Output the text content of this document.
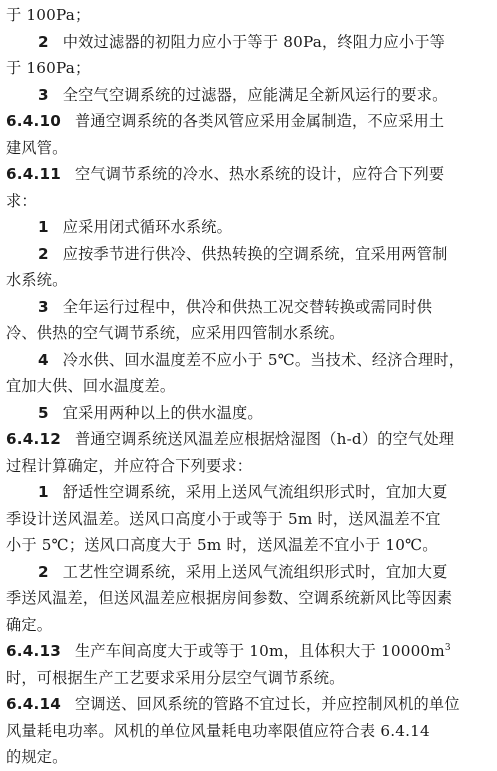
于 100Pa；
2 中效过滤器的初阻力应小于等于 80Pa，终阻力应小于等
于 160Pa；
3 全空气空调系统的过滤器，应能满足全新风运行的要求。
6.4.10 普通空调系统的各类风管应采用金属制造，不应采用土
建风管。
6.4.11 空气调节系统的冷水、热水系统的设计，应符合下列要
求：
1 应采用闭式循环水系统。
2 应按季节进行供冷、供热转换的空调系统，宜采用两管制
水系统。
3 全年运行过程中，供冷和供热工况交替转换或需同时供
冷、供热的空气调节系统，应采用四管制水系统。
4 冷水供、回水温度差不应小于 5℃。当技术、经济合理时，
宜加大供、回水温度差。
5 宜采用两种以上的供水温度。
6.4.12 普通空调系统送风温差应根据焓湿图（h-d）的空气处理
过程计算确定，并应符合下列要求：
1 舒适性空调系统，采用上送风气流组织形式时，宜加大夏
季设计送风温差。送风口高度小于或等于 5m 时，送风温差不宜
小于 5℃；送风口高度大于 5m 时，送风温差不宜小于 10℃。
2 工艺性空调系统，采用上送风气流组织形式时，宜加大夏
季送风温差，但送风温差应根据房间参数、空调系统新风比等因素
确定。
6.4.13 生产车间高度大于或等于 10m，且体积大于 $10000m^3$
时，可根据生产工艺要求采用分层空气调节系统。
6.4.14 空调送、回风系统的管路不宜过长，并应控制风机的单位
风量耗电功率。风机的单位风量耗电功率限值应符合表 6.4.14
的规定。
